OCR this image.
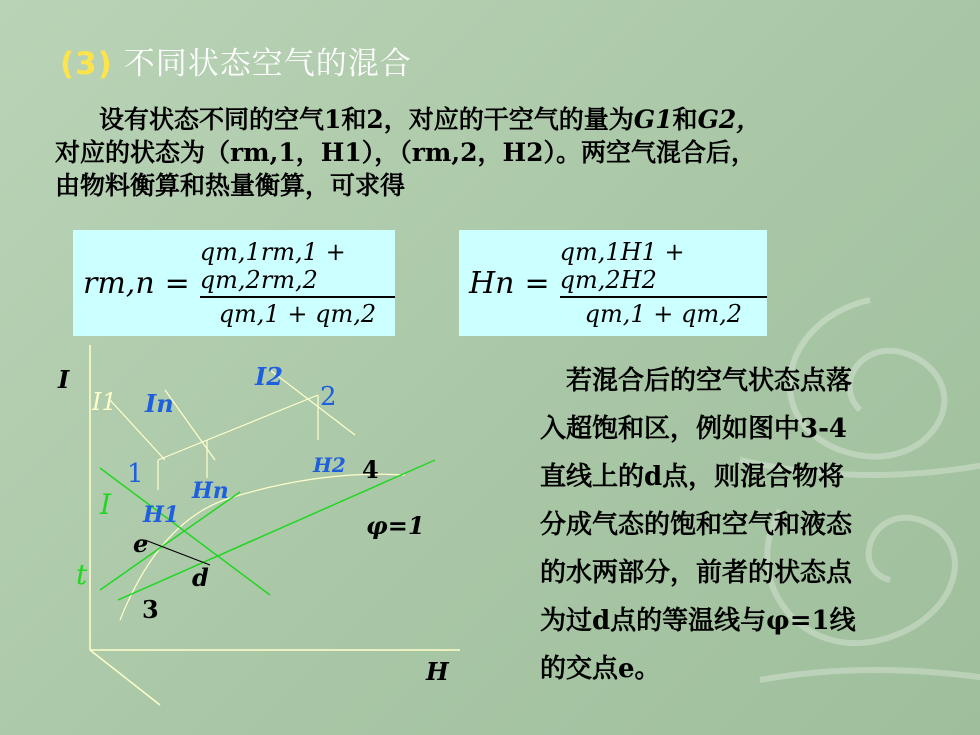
(3) 不同状态空气的混合
设有状态不同的空气1和2，对应的干空气的量为G1和G2，
对应的状态为（rm,1，H1），（rm,2，H2）。两空气混合后，
由物料衡算和热量衡算，可求得
$rm,n = \frac{qm,1rm,1 + qm,2rm,2}{qm,1 + qm,2}$ $Hn = \frac{qm,1H1 + qm,2H2}{qm,1 + qm,2}$
I
H
I2
I1 In	2
1	H2 4
Hn
I H1	φ=1
e
t	d
3
若混合后的空气状态点落
入超饱和区，例如图中3-4
直线上的d点，则混合物将
分成气态的饱和空气和液态
的水两部分，前者的状态点
为过d点的等温线与φ=1线
的交点e。
